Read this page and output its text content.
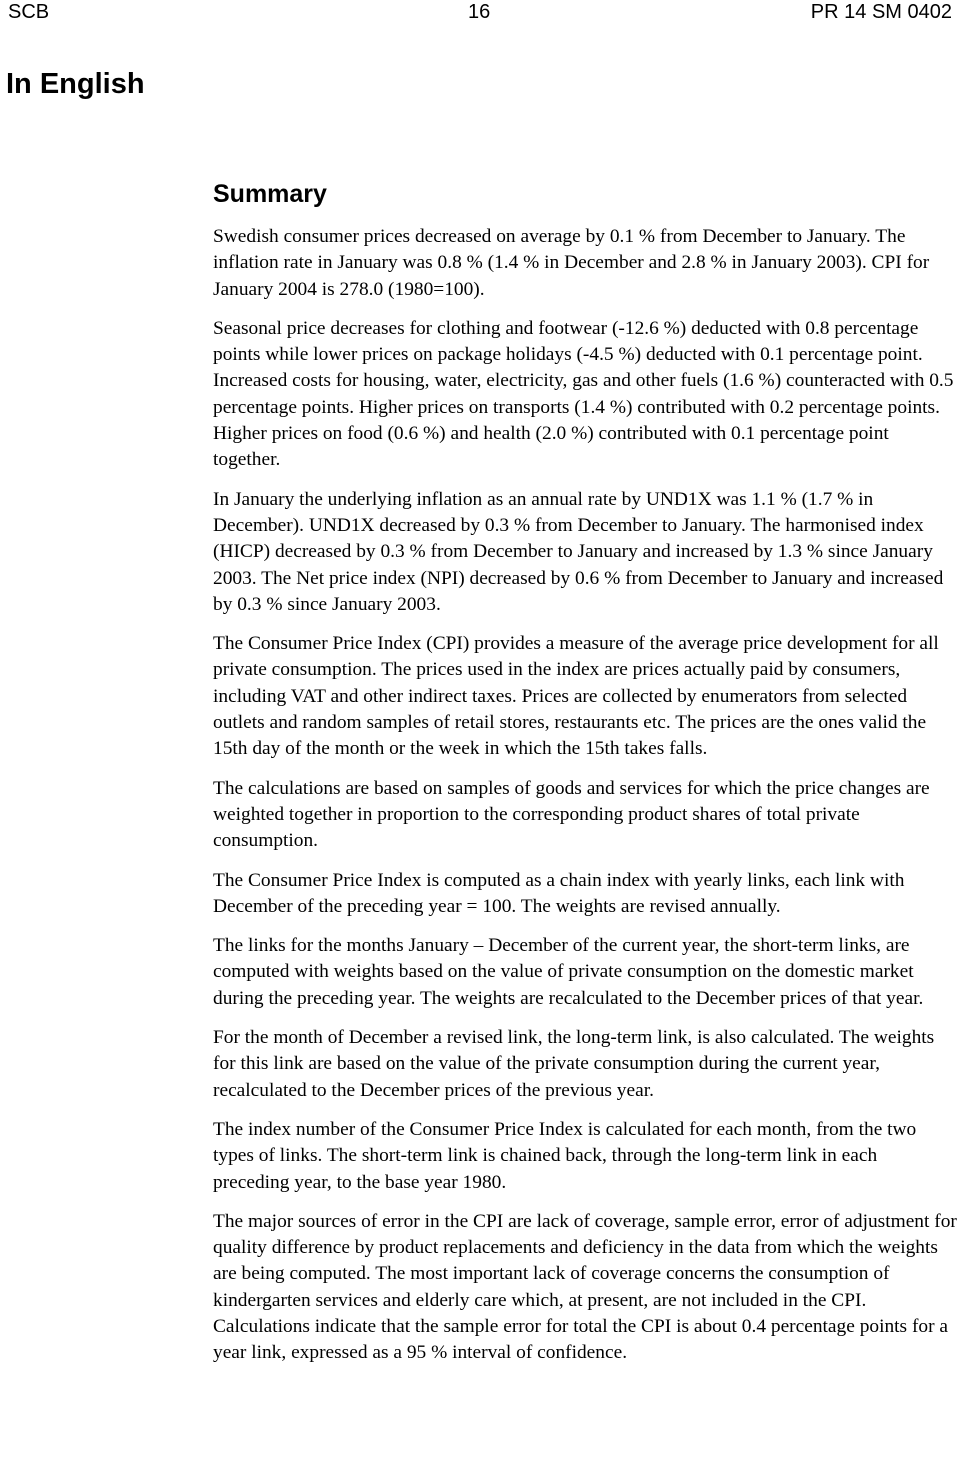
SCB	16	PR 14 SM 0402
In English
Summary

Swedish consumer prices decreased on average by 0.1 % from December to January. The inflation rate in January was 0.8 % (1.4 % in December and 2.8 % in January 2003). CPI for January 2004 is 278.0 (1980=100).

Seasonal price decreases for clothing and footwear (-12.6 %) deducted with 0.8 percentage points while lower prices on package holidays (-4.5 %) deducted with 0.1 percentage point. Increased costs for housing, water, electricity, gas and other fuels (1.6 %) counteracted with 0.5 percentage points. Higher prices on transports (1.4 %) contributed with 0.2 percentage points. Higher prices on food (0.6 %) and health (2.0 %) contributed with 0.1 percentage point together.

In January the underlying inflation as an annual rate by UND1X was 1.1 % (1.7 % in December). UND1X decreased by 0.3 % from December to January. The harmonised index (HICP) decreased by 0.3 % from December to January and increased by 1.3 % since January 2003. The Net price index (NPI) decreased by 0.6 % from December to January and increased by 0.3 % since January 2003.

The Consumer Price Index (CPI) provides a measure of the average price development for all private consumption. The prices used in the index are prices actually paid by consumers, including VAT and other indirect taxes. Prices are collected by enumerators from selected outlets and random samples of retail stores, restaurants etc. The prices are the ones valid the 15th day of the month or the week in which the 15th takes falls.

The calculations are based on samples of goods and services for which the price changes are weighted together in proportion to the corresponding product shares of total private consumption.

The Consumer Price Index is computed as a chain index with yearly links, each link with December of the preceding year = 100. The weights are revised annually.

The links for the months January – December of the current year, the short-term links, are computed with weights based on the value of private consumption on the domestic market during the preceding year. The weights are recalculated to the December prices of that year.

For the month of December a revised link, the long-term link, is also calculated. The weights for this link are based on the value of the private consumption during the current year, recalculated to the December prices of the previous year.

The index number of the Consumer Price Index is calculated for each month, from the two types of links. The short-term link is chained back, through the long-term link in each preceding year, to the base year 1980.

The major sources of error in the CPI are lack of coverage, sample error, error of adjustment for quality difference by product replacements and deficiency in the data from which the weights are being computed. The most important lack of coverage concerns the consumption of kindergarten services and elderly care which, at present, are not included in the CPI. Calculations indicate that the sample error for total the CPI is about 0.4 percentage points for a year link, expressed as a 95 % interval of confidence.
